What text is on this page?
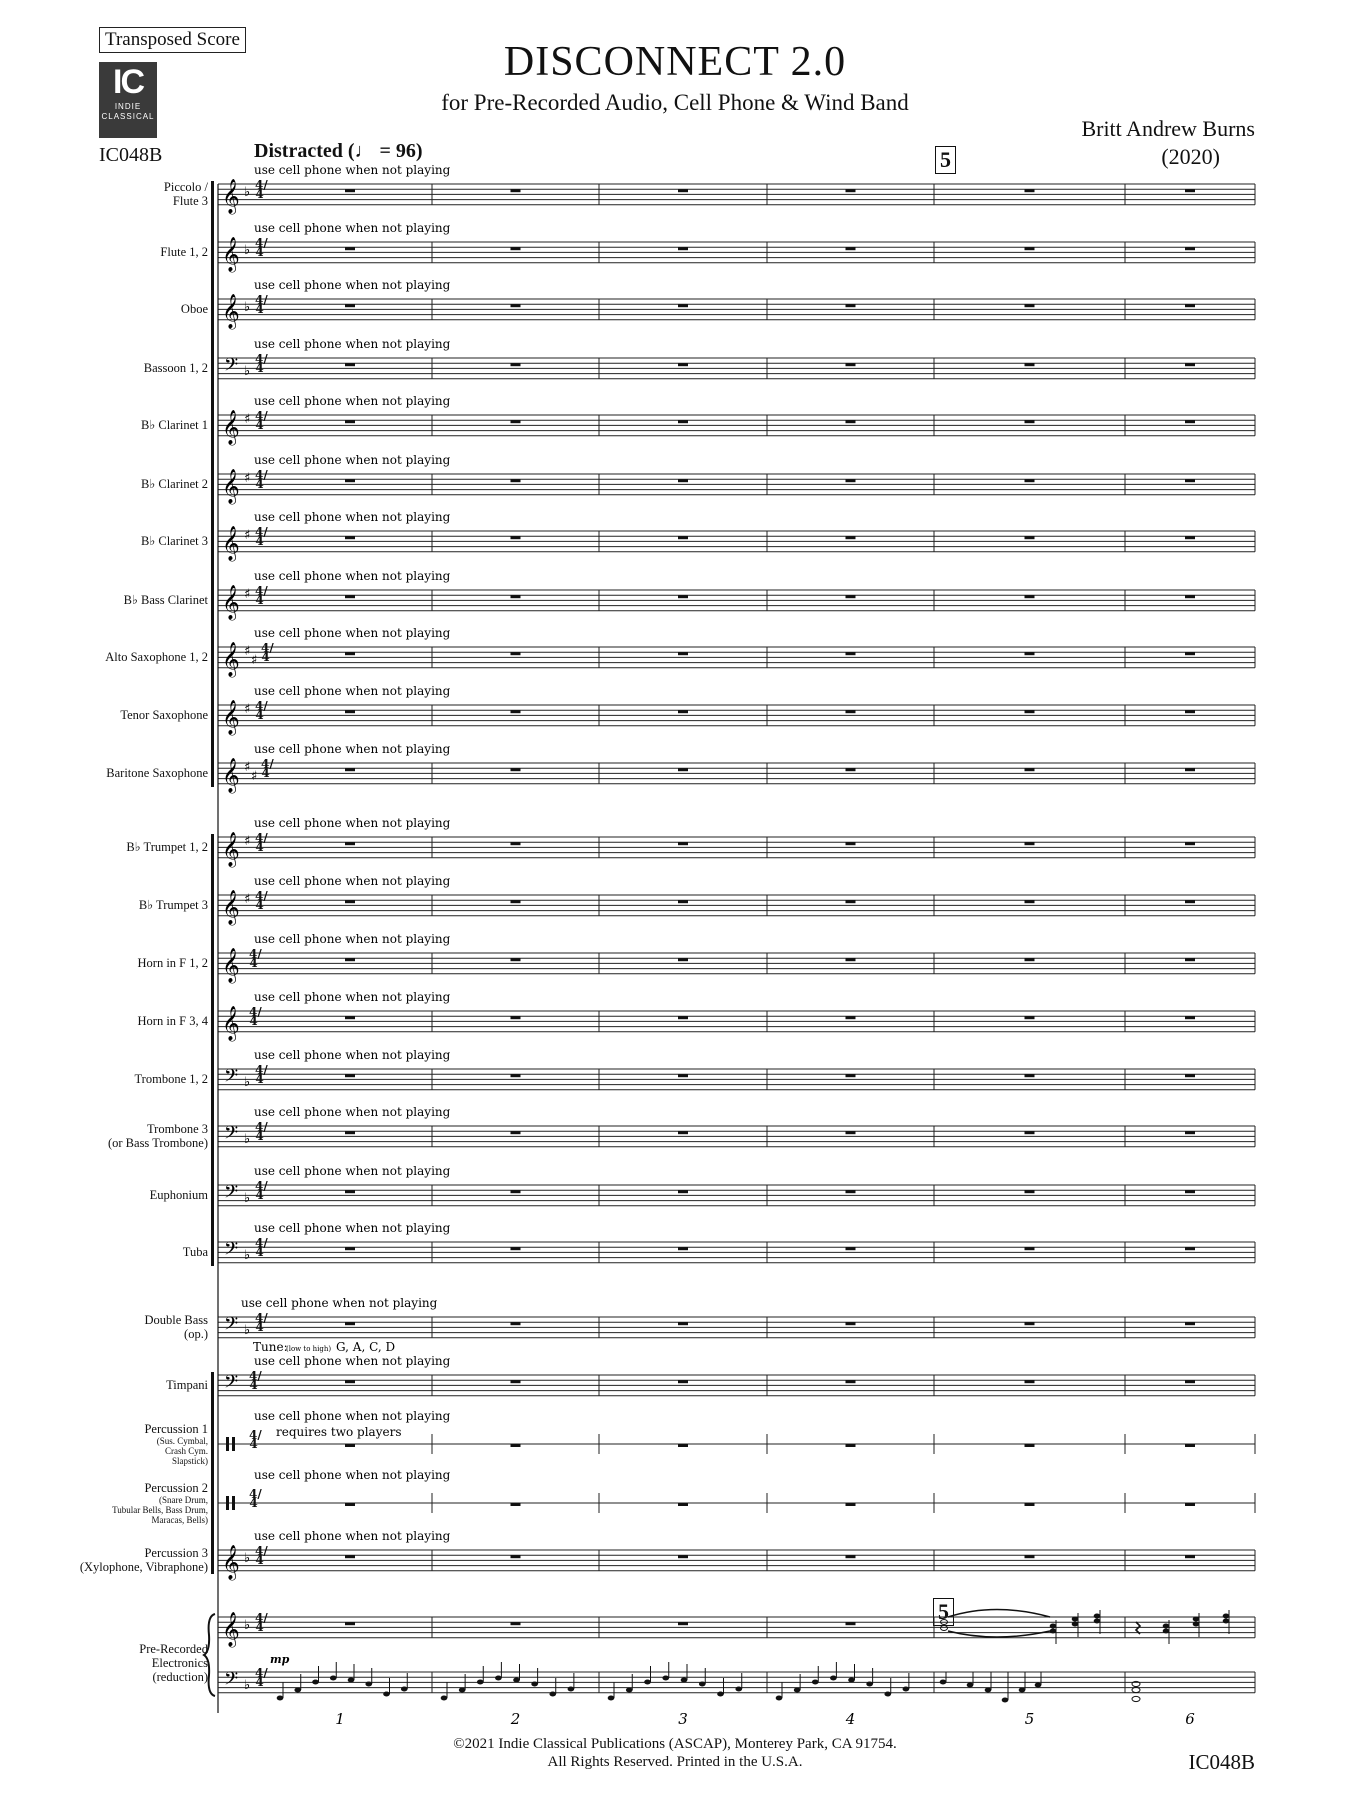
Transposed Score
IC
INDIE
CLASSICAL
DISCONNECT 2.0
for Pre-Recorded Audio, Cell Phone & Wind Band
Britt Andrew Burns
(2020)
IC048B	Distracted (♩ = 96)	5
5
𝄞 ♭
use cell phone when not playing
𝄞 ♭
use cell phone when not playing
𝄞 ♭
use cell phone when not playing
𝄢 ♭
use cell phone when not playing
𝄞 ♯
use cell phone when not playing
𝄞 ♯
use cell phone when not playing
𝄞 ♯
use cell phone when not playing
𝄞 ♯
use cell phone when not playing
𝄞 ♯
♯
use cell phone when not playing
𝄞 ♯
use cell phone when not playing
𝄞 ♯
♯
use cell phone when not playing
𝄞 ♯
use cell phone when not playing
𝄞 ♯
use cell phone when not playing
𝄞
use cell phone when not playing
𝄞
use cell phone when not playing
𝄢 ♭
use cell phone when not playing
𝄢 ♭
use cell phone when not playing
𝄢 ♭
use cell phone when not playing
𝄢 ♭
use cell phone when not playing
𝄢 ♭
use cell phone when not playing
𝄢
use cell phone when not playing
use cell phone when not playing
requires two players
use cell phone when not playing
𝄞 ♭
use cell phone when not playing
Tune:
(low to high) G, A, C, D
𝄞 ♭
𝄢 ♭
mp
1	2	3	4	5	6
4/4
Piccolo /
Flute 3
4/4
Flute 1, 2
4/4
Oboe
4/4
Bassoon 1, 2
4/4
B♭ Clarinet 1
4/4
B♭ Clarinet 2
4/4
B♭ Clarinet 3
4/4
B♭ Bass Clarinet
4/4
Alto Saxophone 1, 2
4/4
Tenor Saxophone
4/4
Baritone Saxophone
4/4
B♭ Trumpet 1, 2
4/4
B♭ Trumpet 3
4/4
Horn in F 1, 2
4/4
Horn in F 3, 4
4/4
Trombone 1, 2
4/4
Trombone 3
(or Bass Trombone)
4/4
Euphonium
4/4
Tuba
4/4
Double Bass
(op.)
4/4
Timpani
4/4
Percussion 1
(Sus. Cymbal,
Crash Cym.
Slapstick)
4/4
Percussion 2
(Snare Drum,
Tubular Bells, Bass Drum,
Maracas, Bells)
4/4
Percussion 3
(Xylophone, Vibraphone)
4/4
4/4
Pre-Recorded
Electronics
(reduction)
©2021 Indie Classical Publications (ASCAP), Monterey Park, CA 91754.
All Rights Reserved. Printed in the U.S.A.	IC048B
